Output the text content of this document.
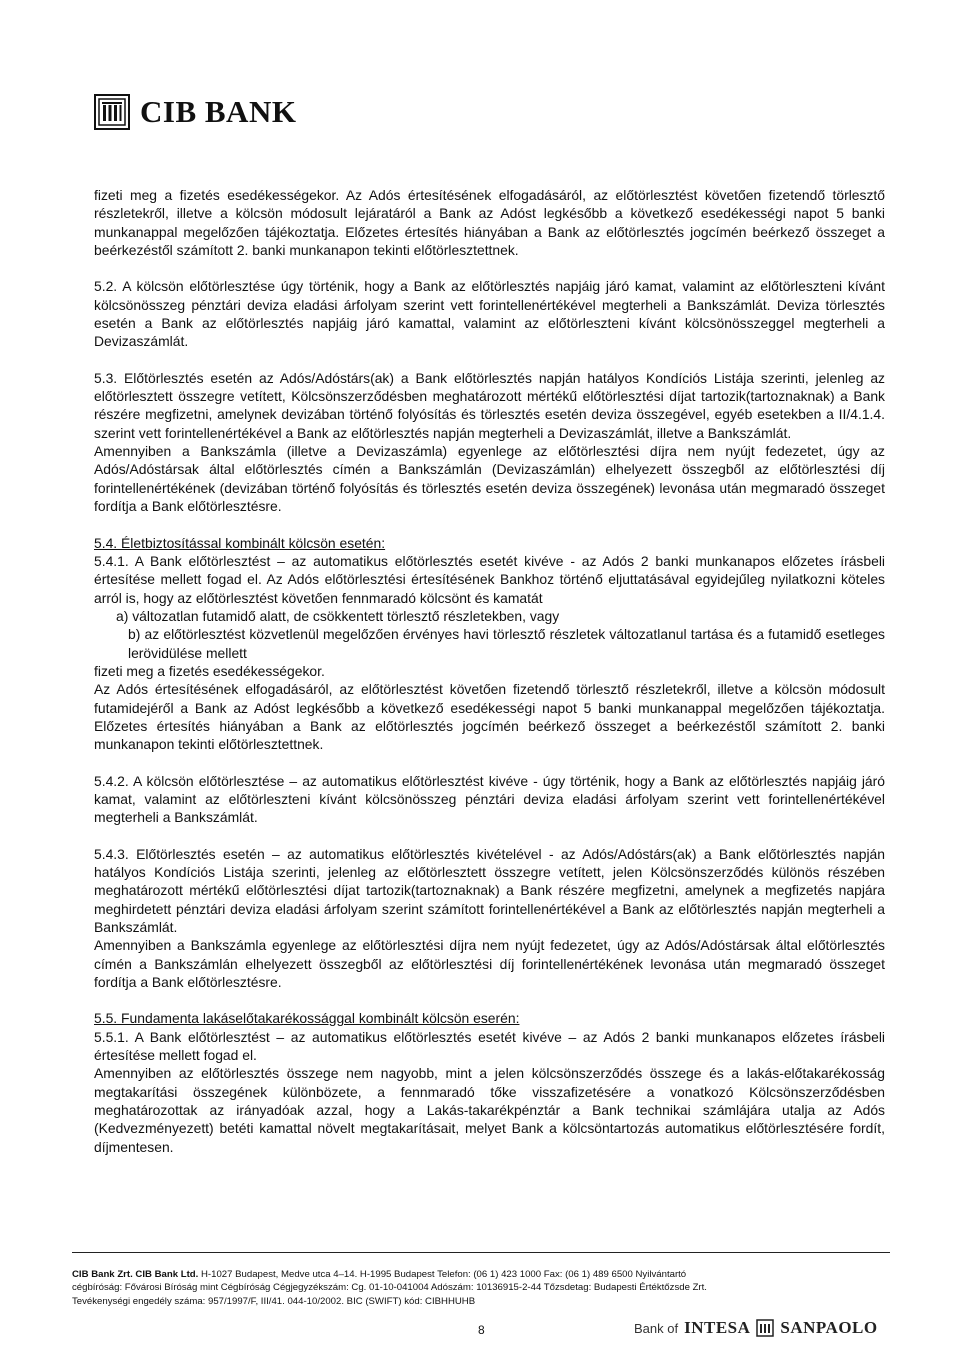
CIB BANK

fizeti meg a fizetés esedékességekor. Az Adós értesítésének elfogadásáról, az előtörlesztést követően fizetendő törlesztő részletekről, illetve a kölcsön módosult lejáratáról a Bank az Adóst legkésőbb a következő esedékességi napot 5 banki munkanappal megelőzően tájékoztatja. Előzetes értesítés hiányában a Bank az előtörlesztés jogcímén beérkező összeget a beérkezéstől számított 2. banki munkanapon tekinti előtörlesztettnek.

5.2. A kölcsön előtörlesztése úgy történik, hogy a Bank az előtörlesztés napjáig járó kamat, valamint az előtörleszteni kívánt kölcsönösszeg pénztári deviza eladási árfolyam szerint vett forintellenértékével megterheli a Bankszámlát. Deviza törlesztés esetén a Bank az előtörlesztés napjáig járó kamattal, valamint az előtörleszteni kívánt kölcsönösszeggel megterheli a Devizaszámlát.

5.3. Előtörlesztés esetén az Adós/Adóstárs(ak) a Bank előtörlesztés napján hatályos Kondíciós Listája szerinti, jelenleg az előtörlesztett összegre vetített, Kölcsönszerződésben meghatározott mértékű előtörlesztési díjat tartozik(tartoznaknak) a Bank részére megfizetni, amelynek devizában történő folyósítás és törlesztés esetén deviza összegével, egyéb esetekben a II/4.1.4. szerint vett forintellenértékével a Bank az előtörlesztés napján megterheli a Devizaszámlát, illetve a Bankszámlát.

Amennyiben a Bankszámla (illetve a Devizaszámla) egyenlege az előtörlesztési díjra nem nyújt fedezetet, úgy az Adós/Adóstársak által előtörlesztés címén a Bankszámlán (Devizaszámlán) elhelyezett összegből az előtörlesztési díj forintellenértékének (devizában történő folyósítás és törlesztés esetén deviza összegének) levonása után megmaradó összeget fordítja a Bank előtörlesztésre.

5.4. Életbiztosítással kombinált kölcsön esetén:

5.4.1. A Bank előtörlesztést – az automatikus előtörlesztés esetét kivéve - az Adós 2 banki munkanapos előzetes írásbeli értesítése mellett fogad el. Az Adós előtörlesztési értesítésének Bankhoz történő eljuttatásával egyidejűleg nyilatkozni köteles arról is, hogy az előtörlesztést követően fennmaradó kölcsönt és kamatát

a) változatlan futamidő alatt, de csökkentett törlesztő részletekben, vagy

b) az előtörlesztést közvetlenül megelőzően érvényes havi törlesztő részletek változatlanul tartása és a futamidő esetleges lerövidülése mellett

fizeti meg a fizetés esedékességekor.

Az Adós értesítésének elfogadásáról, az előtörlesztést követően fizetendő törlesztő részletekről, illetve a kölcsön módosult futamidejéről a Bank az Adóst legkésőbb a következő esedékességi napot 5 banki munkanappal megelőzően tájékoztatja. Előzetes értesítés hiányában a Bank az előtörlesztés jogcímén beérkező összeget a beérkezéstől számított 2. banki munkanapon tekinti előtörlesztettnek.

5.4.2. A kölcsön előtörlesztése – az automatikus előtörlesztést kivéve - úgy történik, hogy a Bank az előtörlesztés napjáig járó kamat, valamint az előtörleszteni kívánt kölcsönösszeg pénztári deviza eladási árfolyam szerint vett forintellenértékével megterheli a Bankszámlát.

5.4.3. Előtörlesztés esetén – az automatikus előtörlesztés kivételével - az Adós/Adóstárs(ak) a Bank előtörlesztés napján hatályos Kondíciós Listája szerinti, jelenleg az előtörlesztett összegre vetített, jelen Kölcsönszerződés különös részében meghatározott mértékű előtörlesztési díjat tartozik(tartoznaknak) a Bank részére megfizetni, amelynek a megfizetés napjára meghirdetett pénztári deviza eladási árfolyam szerint számított forintellenértékével a Bank az előtörlesztés napján megterheli a Bankszámlát.

Amennyiben a Bankszámla egyenlege az előtörlesztési díjra nem nyújt fedezetet, úgy az Adós/Adóstársak által előtörlesztés címén a Bankszámlán elhelyezett összegből az előtörlesztési díj forintellenértékének levonása után megmaradó összeget fordítja a Bank előtörlesztésre.

5.5. Fundamenta lakáselőtakarékossággal kombinált kölcsön eserén:

5.5.1. A Bank előtörlesztést – az automatikus előtörlesztés esetét kivéve – az Adós 2 banki munkanapos előzetes írásbeli értesítése mellett fogad el.

Amennyiben az előtörlesztés összege nem nagyobb, mint a jelen kölcsönszerződés összege és a lakás-előtakarékosság megtakarítási összegének különbözete, a fennmaradó tőke visszafizetésére a vonatkozó Kölcsönszerződésben meghatározottak az irányadóak azzal, hogy a Lakás-takarékpénztár a Bank technikai számlájára utalja az Adós (Kedvezményezett) betéti kamattal növelt megtakarításait, melyet Bank a kölcsöntartozás automatikus előtörlesztésére fordít, díjmentesen.

CIB Bank Zrt. CIB Bank Ltd. H-1027 Budapest, Medve utca 4–14. H-1995 Budapest Telefon: (06 1) 423 1000 Fax: (06 1) 489 6500 Nyilvántartó

cégbíróság: Fővárosi Bíróság mint Cégbíróság Cégjegyzékszám: Cg. 01-10-041004 Adószám: 10136915-2-44 Tőzsdetag: Budapesti Értéktőzsde Zrt.

Tevékenységi engedély száma: 957/1997/F, III/41. 044-10/2002. BIC (SWIFT) kód: CIBHHUHB

8	Bank of INTESA SANPAOLO
